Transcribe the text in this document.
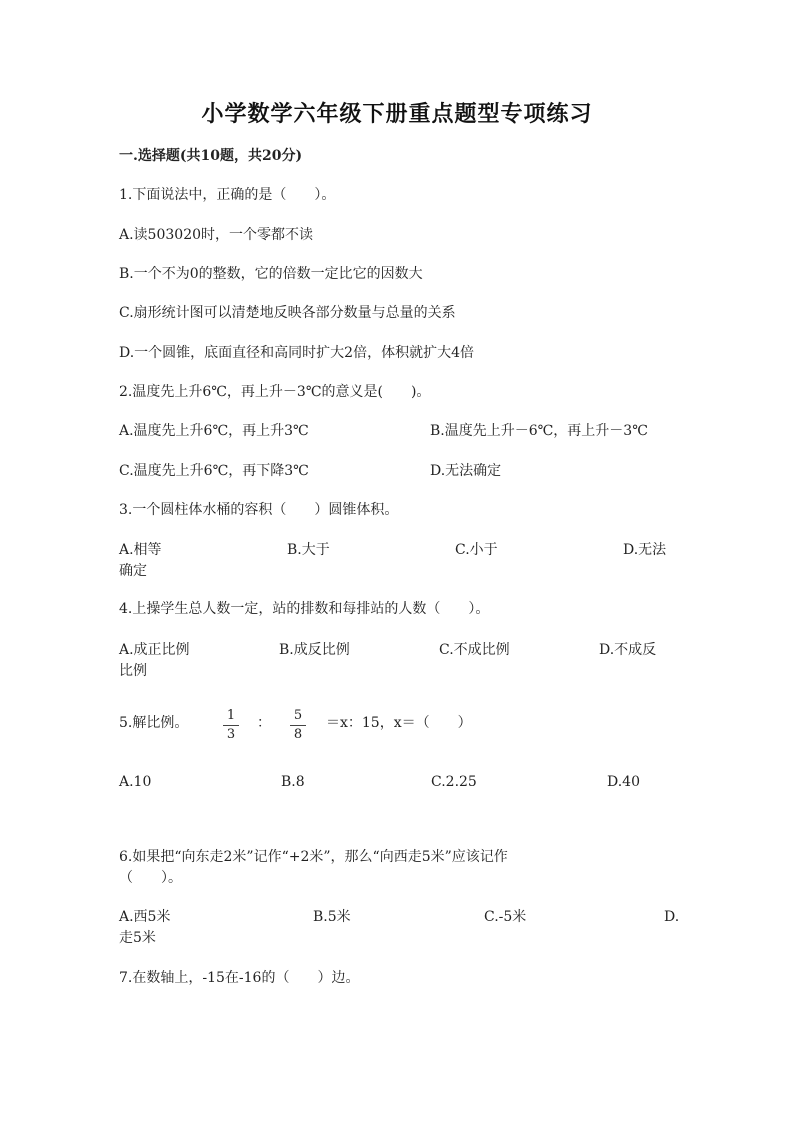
小学数学六年级下册重点题型专项练习
一.选择题(共10题，共20分)
1.下面说法中，正确的是（　　）。
A.读503020时，一个零都不读
B.一个不为0的整数，它的倍数一定比它的因数大
C.扇形统计图可以清楚地反映各部分数量与总量的关系
D.一个圆锥，底面直径和高同时扩大2倍，体积就扩大4倍
2.温度先上升6℃，再上升－3℃的意义是(　　)。
A.温度先上升6℃，再上升3℃	B.温度先上升－6℃，再上升－3℃
C.温度先上升6℃，再下降3℃	D.无法确定
3.一个圆柱体水桶的容积（　　）圆锥体积。
A.相等	B.大于	C.小于	D.无法
确定
4.上操学生总人数一定，站的排数和每排站的人数（　　）。
A.成正比例	B.成反比例	C.不成比例	D.不成反
比例
5.解比例。	1
3
： 5
8
＝x：15，x＝（　　）
A.10	B.8	C.2.25	D.40
6.如果把“向东走2米”记作“+2米”，那么“向西走5米”应该记作
（　　）。
A.西5米	B.5米	C.-5米	D.
走5米
7.在数轴上，-15在-16的（　　）边。
